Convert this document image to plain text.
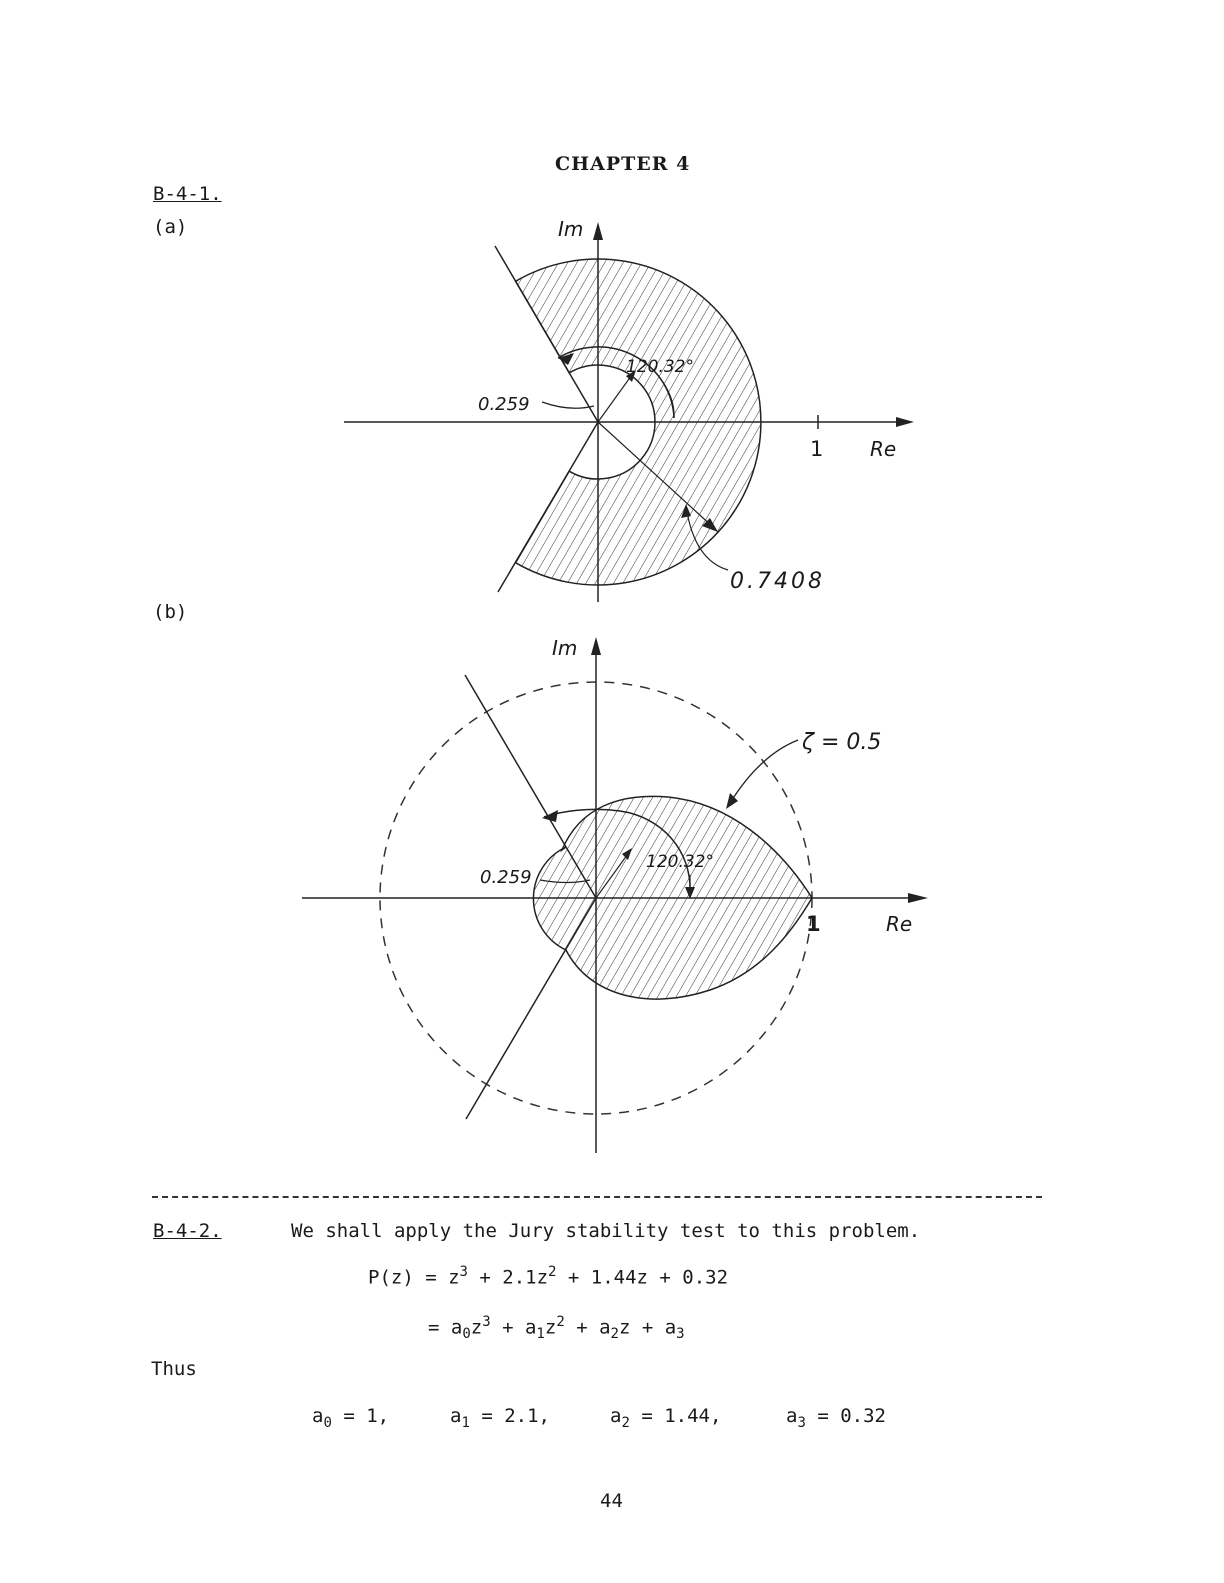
CHAPTER 4
B-4-1.
(a)	Im
Re
1
120.32°
0.259
0.7408
(b)
Im
Re
1
120.32°
0.259
ζ = 0.5
B-4-2.	We shall apply the Jury stability test to this problem.
$P(z) = z^3 + 2.1z^2 + 1.44z + 0.32$
= $a_0z^3 + a_1z^2 + a_2z + a_3$
Thus
$a_0 = 1$,	$a_1 = 2.1$,	$a_2 = 1.44$,	$a_3 = 0.32$
44
